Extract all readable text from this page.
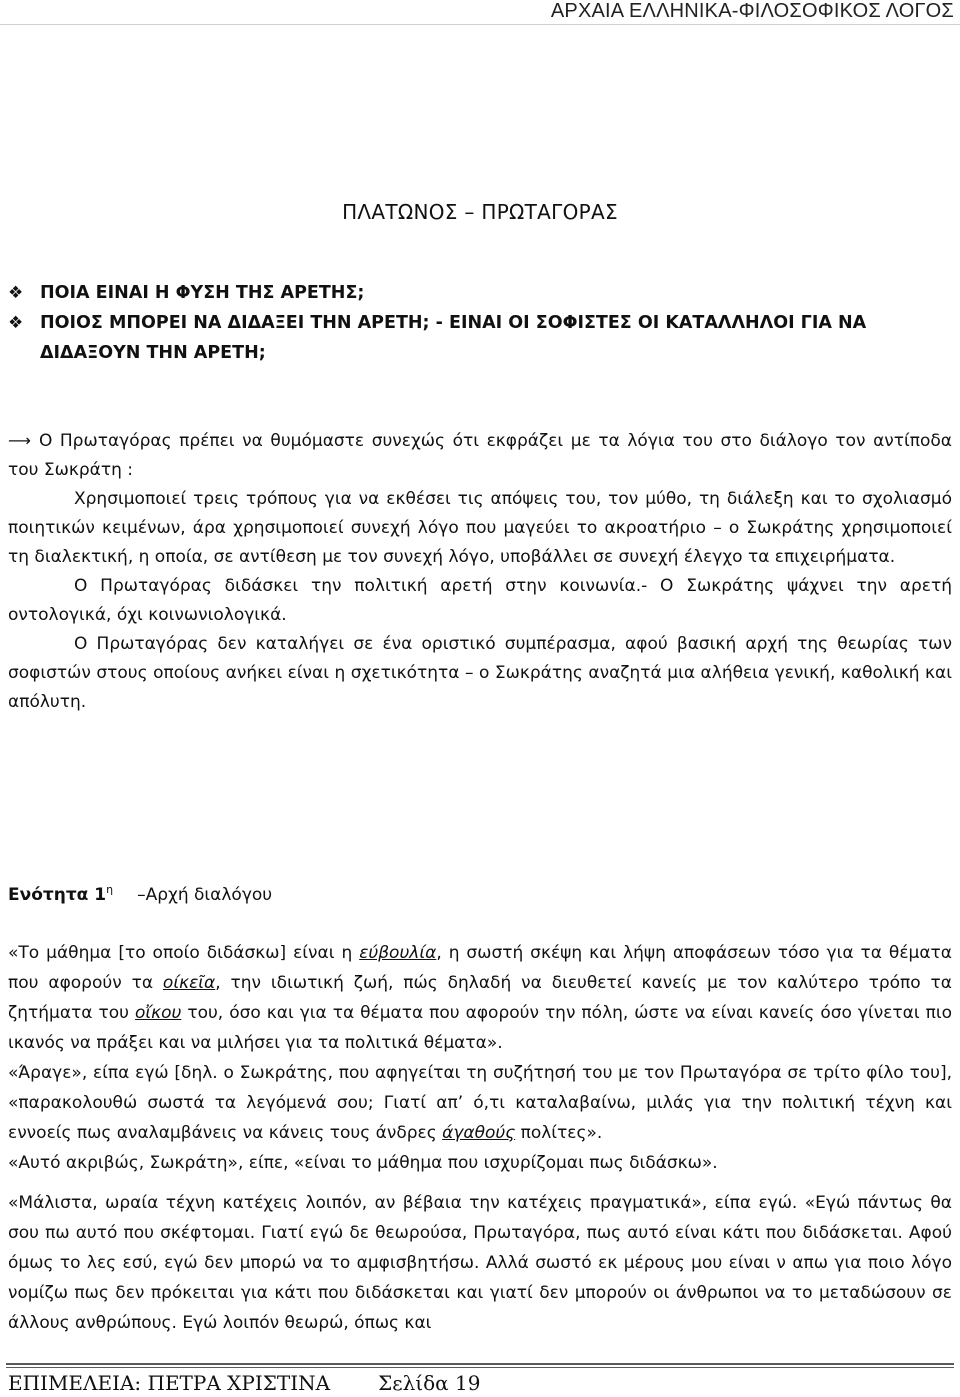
ΑΡΧΑΙΑ ΕΛΛΗΝΙΚΑ-ΦΙΛΟΣΟΦΙΚΟΣ ΛΟΓΟΣ
ΠΛΑΤΩΝΟΣ – ΠΡΩΤΑΓΟΡΑΣ
❖ ΠΟΙΑ ΕΙΝΑΙ Η ΦΥΣΗ ΤΗΣ ΑΡΕΤΗΣ;
❖ ΠΟΙΟΣ ΜΠΟΡΕΙ ΝΑ ΔΙΔΑΞΕΙ ΤΗΝ ΑΡΕΤΗ; - ΕΙΝΑΙ ΟΙ ΣΟΦΙΣΤΕΣ ΟΙ ΚΑΤΑΛΛΗΛΟΙ ΓΙΑ ΝΑ ΔΙΔΑΞΟΥΝ ΤΗΝ ΑΡΕΤΗ;

⟶ Ο Πρωταγόρας πρέπει να θυμόμαστε συνεχώς ότι εκφράζει με τα λόγια του στο διάλογο τον αντίποδα του Σωκράτη :

Χρησιμοποιεί τρεις τρόπους για να εκθέσει τις απόψεις του, τον μύθο, τη διάλεξη και το σχολιασμό ποιητικών κειμένων, άρα χρησιμοποιεί συνεχή λόγο που μαγεύει το ακροατήριο – ο Σωκράτης χρησιμοποιεί τη διαλεκτική, η οποία, σε αντίθεση με τον συνεχή λόγο, υποβάλλει σε συνεχή έλεγχο τα επιχειρήματα.

Ο Πρωταγόρας διδάσκει την πολιτική αρετή στην κοινωνία.- Ο Σωκράτης ψάχνει την αρετή οντολογικά, όχι κοινωνιολογικά.

Ο Πρωταγόρας δεν καταλήγει σε ένα οριστικό συμπέρασμα, αφού βασική αρχή της θεωρίας των σοφιστών στους οποίους ανήκει είναι η σχετικότητα – ο Σωκράτης αναζητά μια αλήθεια γενική, καθολική και απόλυτη.

Ενότητα $1^\eta$ –Αρχή διαλόγου

«Το μάθημα [το οποίο διδάσκω] είναι η εύβουλία, η σωστή σκέψη και λήψη αποφάσεων τόσο για τα θέματα που αφορούν τα οίκεῖα, την ιδιωτική ζωή, πώς δηλαδή να διευθετεί κανείς με τον καλύτερο τρόπο τα ζητήματα του οἴκου του, όσο και για τα θέματα που αφορούν την πόλη, ώστε να είναι κανείς όσο γίνεται πιο ικανός να πράξει και να μιλήσει για τα πολιτικά θέματα».

«Άραγε», είπα εγώ [δηλ. ο Σωκράτης, που αφηγείται τη συζήτησή του με τον Πρωταγόρα σε τρίτο φίλο του], «παρακολουθώ σωστά τα λεγόμενά σου; Γιατί απ’ ό,τι καταλαβαίνω, μιλάς για την πολιτική τέχνη και εννοείς πως αναλαμβάνεις να κάνεις τους άνδρες άγαθούς πολίτες».

«Αυτό ακριβώς, Σωκράτη», είπε, «είναι το μάθημα που ισχυρίζομαι πως διδάσκω».

«Μάλιστα, ωραία τέχνη κατέχεις λοιπόν, αν βέβαια την κατέχεις πραγματικά», είπα εγώ. «Εγώ πάντως θα σου πω αυτό που σκέφτομαι. Γιατί εγώ δε θεωρούσα, Πρωταγόρα, πως αυτό είναι κάτι που διδάσκεται. Αφού όμως το λες εσύ, εγώ δεν μπορώ να το αμφισβητήσω. Αλλά σωστό εκ μέρους μου είναι ν απω για ποιο λόγο νομίζω πως δεν πρόκειται για κάτι που διδάσκεται και γιατί δεν μπορούν οι άνθρωποι να το μεταδώσουν σε άλλους ανθρώπους. Εγώ λοιπόν θεωρώ, όπως και

ΕΠΙΜΕΛΕΙΑ: ΠΕΤΡΑ ΧΡΙΣΤΙΝΑ Σελίδα 19
